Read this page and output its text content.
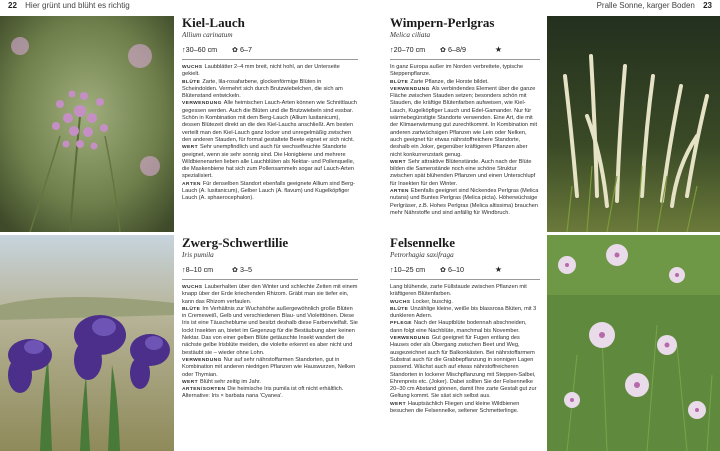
22 Hier grünt und blüht es richtig	Pralle Sonne, karger Boden 23
Kiel-Lauch
Allium carinatum
↑30–60 cm ✿ 6–7

WUCHS Laubblätter 2–4 mm breit, nicht hohl, an der Unterseite gekielt.

BLÜTE Zarte, lila-rosafarbene, glockenförmige Blüten in Scheindolden. Vermehrt sich durch Brutzwiebelchen, die sich am Blütenstand entwickeln.

VERWENDUNG Alle heimischen Lauch-Arten können wie Schnittlauch gegessen werden. Auch die Blüten und die Brutzwiebeln sind essbar. Schön in Kombination mit dem Berg-Lauch (Allium lusitanicum), dessen Blütezeit direkt an die des Kiel-Lauchs anschließt. Am besten verteilt man den Kiel-Lauch ganz locker und unregelmäßig zwischen den anderen Stauden, für formal gestaltete Beete eignet er sich nicht.

WERT Sehr unempfindlich und auch für wechselfeuchte Standorte geeignet, wenn sie sehr sonnig sind. Die Honigbiene und mehrere Wildbienenarten lieben alle Lauchblüten als Nektar- und Pollenquelle, die Maskenbiene hat sich zum Pollensammeln sogar auf Lauch-Arten spezialisiert.

ARTEN Für denselben Standort ebenfalls geeignete Allium sind Berg-Lauch (A. lusitanicum), Gelber Lauch (A. flavum) und Kugelköpfiger Lauch (A. sphaerocephalon).

Zwerg-Schwertlilie
Iris pumila
↑8–10 cm	✿ 3–5

WUCHS Lauberhalten über den Winter und schlechte Zeiten mit einem knapp über der Erde kriechenden Rhizom. Gräbt man sie tiefer ein, kann das Rhizom verfaulen.

BLÜTE Im Verhältnis zur Wuchshöhe außergewöhnlich große Blüten in Cremeweiß, Gelb und verschiedenen Blau- und Violetttönen. Diese Iris ist eine Täuscheblume und besitzt deshalb diese Farbenvielfalt. Sie lockt Insekten an, bietet im Gegenzug für die Bestäubung aber keinen Nektar. Das von einer gelben Blüte getäuschte Insekt wandert die nächste gelbe Irisblüte meiden, die violette erkennt es aber nicht und bestäubt sie – wieder ohne Lohn.

VERWENDUNG Nur auf sehr nährstoffarmen Standorten, gut in Kombination mit anderen niedrigen Pflanzen wie Hauswurzen, Nelken oder Thymian.

WERT Blüht sehr zeitig im Jahr.

ARTEN/SORTEN Die heimische Iris pumila ist oft nicht erhältlich. Alternative: Iris × barbata nana 'Cyanea'.

Wimpern-Perlgras
Melica ciliata
↑20–70 cm ✿ 6–8/9	★

In ganz Europa außer im Norden verbreitete, typische Steppenpflanze.

BLÜTE Zarte Pflanze, die Horste bildet.

VERWENDUNG Als verbindendes Element über die ganze Fläche zwischen Stauden setzen; besonders schön mit Stauden, die kräftige Blütenfarben aufweisen, wie Kiel-Lauch, Kugelköpfiger Lauch und Edel-Gamander. Nur für wärmebegünstigte Standorte verwenden. Eine Art, die mit der Klimaerwärmung gut zurechtkommt. In Kombination mit anderen zartwüchsigen Pflanzen wie Lein oder Nelken, auch geeignet für etwas nährstoffreichere Standorte, deshalb ein Joker, gegenüber kräftigeren Pflanzen aber nicht konkurrenzstark genug.

WERT Sehr attraktive Blütenstände. Auch nach der Blüte bilden die Samenstände noch eine schöne Struktur zwischen spät blühenden Pflanzen und einen Unterschlupf für Insekten für den Winter.

ARTEN Ebenfalls geeignet sind Nickendes Perlgras (Melica nutans) und Buntes Perlgras (Melica picta). Höherwüchsige Perlgräser, z.B. Hohes Perlgras (Melica altissima) brauchen mehr Nährstoffe und sind anfällig für Windbruch.

Felsennelke
Petrorhagia saxifraga
↑10–25 cm ✿ 6–10	★

Lang blühende, zarte Füllstaude zwischen Pflanzen mit kräftigeren Blütenfarben.

WUCHS Locker, buschig.

BLÜTE Unzählige kleine, weiße bis blassrosa Blüten, mit 3 dunkleren Adern.

PFLEGE Nach der Hauptblüte bodennah abschneiden, dann folgt eine Nachblüte, manchmal bis November.

VERWENDUNG Gut geeignet für Fugen entlang des Hauses oder als Übergang zwischen Beet und Weg, ausgezeichnet auch für Balkonkästen. Bei nährstoffarmem Substrat auch für die Grabbepflanzung in sonnigen Lagen passend. Wächst auch auf etwas nährstoffreicheren Standorten in lockerer Mischpflanzung mit Steppen-Salbei, Ehrenpreis etc. (Joker). Dabei sollten Sie der Felsennelke 20–30 cm Abstand gönnen, damit Ihre zarte Gestalt gut zur Geltung kommt. Sie säst sich selbst aus.

WERT Hauptsächlich Fliegen und kleine Wildbienen besuchen die Felsennelke, seltener Schmetterlinge.
